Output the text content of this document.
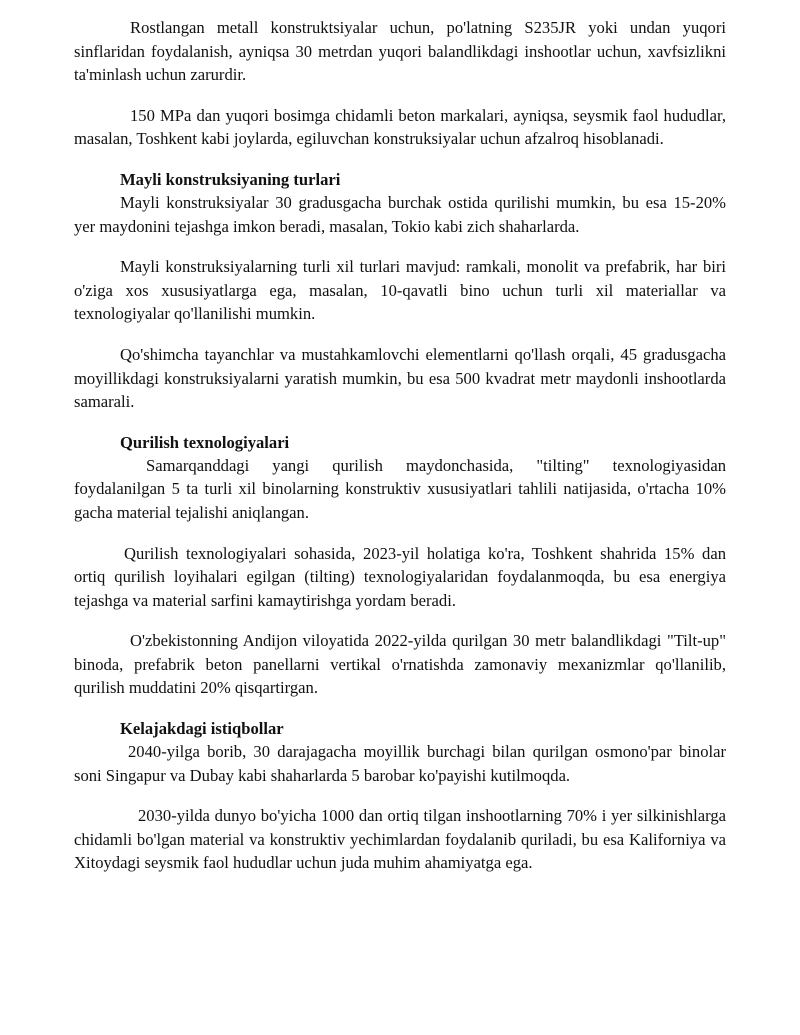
Rostlangan metall konstruktsiyalar uchun, po'latning S235JR yoki undan yuqori sinflaridan foydalanish, ayniqsa 30 metrdan yuqori balandlikdagi inshootlar uchun, xavfsizlikni ta'minlash uchun zarurdir.

150 MPa dan yuqori bosimga chidamli beton markalari, ayniqsa, seysmik faol hududlar, masalan, Toshkent kabi joylarda, egiluvchan konstruksiyalar uchun afzalroq hisoblanadi.

Mayli konstruksiyaning turlari

Mayli konstruksiyalar 30 gradusgacha burchak ostida qurilishi mumkin, bu esa 15-20% yer maydonini tejashga imkon beradi, masalan, Tokio kabi zich shaharlarda.

Mayli konstruksiyalarning turli xil turlari mavjud: ramkali, monolit va prefabrik, har biri o'ziga xos xususiyatlarga ega, masalan, 10-qavatli bino uchun turli xil materiallar va texnologiyalar qo'llanilishi mumkin.

Qo'shimcha tayanchlar va mustahkamlovchi elementlarni qo'llash orqali, 45 gradusgacha moyillikdagi konstruksiyalarni yaratish mumkin, bu esa 500 kvadrat metr maydonli inshootlarda samarali.

Qurilish texnologiyalari

Samarqanddagi yangi qurilish maydonchasida, "tilting" texnologiyasidan foydalanilgan 5 ta turli xil binolarning konstruktiv xususiyatlari tahlili natijasida, o'rtacha 10% gacha material tejalishi aniqlangan.

Qurilish texnologiyalari sohasida, 2023-yil holatiga ko'ra, Toshkent shahrida 15% dan ortiq qurilish loyihalari egilgan (tilting) texnologiyalaridan foydalanmoqda, bu esa energiya tejashga va material sarfini kamaytirishga yordam beradi.

O'zbekistonning Andijon viloyatida 2022-yilda qurilgan 30 metr balandlikdagi "Tilt-up" binoda, prefabrik beton panellarni vertikal o'rnatishda zamonaviy mexanizmlar qo'llanilib, qurilish muddatini 20% qisqartirgan.

Kelajakdagi istiqbollar

2040-yilga borib, 30 darajagacha moyillik burchagi bilan qurilgan osmono'par binolar soni Singapur va Dubay kabi shaharlarda 5 barobar ko'payishi kutilmoqda.

2030-yilda dunyo bo'yicha 1000 dan ortiq tilgan inshootlarning 70% i yer silkinishlarga chidamli bo'lgan material va konstruktiv yechimlardan foydalanib quriladi, bu esa Kaliforniya va Xitoydagi seysmik faol hududlar uchun juda muhim ahamiyatga ega.
